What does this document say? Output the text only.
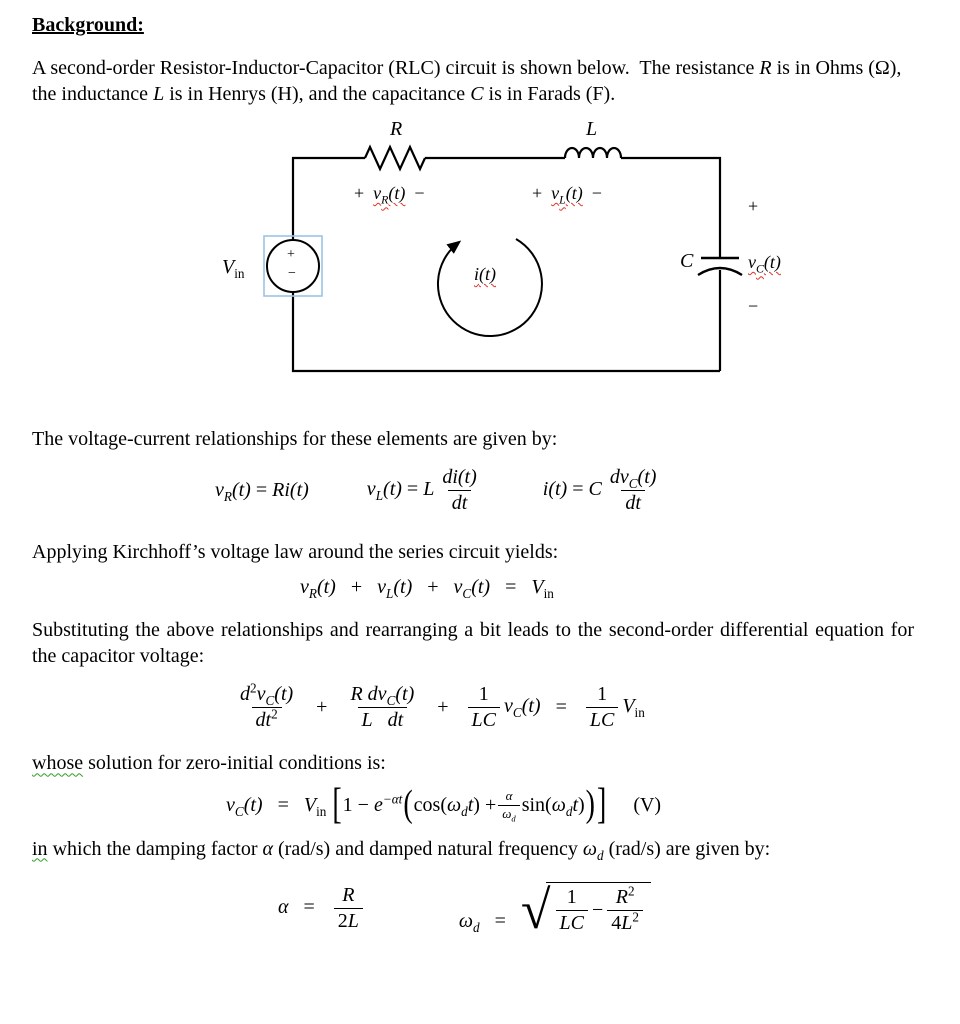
Background:

A second-order Resistor-Inductor-Capacitor (RLC) circuit is shown below.  The resistance R is in Ohms (Ω), the inductance L is in Henrys (H), and the capacitance C is in Farads (F).

R	L
+  $v_R(t)$  −	+  $v_L(t)$  −
+
C	$v_C(t)$
−
$V_{in}$
+
−	i(t)

The voltage-current relationships for these elements are given by:

$v_R(t) = Ri(t)$	$v_L(t) = L \frac{di(t)}{dt}$	i(t) = C $\frac{dv_C(t)}{dt}$

Applying Kirchhoff’s voltage law around the series circuit yields:

$v_R(t) + v_L(t) + v_C(t) = V_{in}$

Substituting the above relationships and rearranging a bit leads to the second-order differential equation for the capacitor voltage:

$\frac{d^2v_C(t)}{dt^2} + \frac{R dv_C(t)}{\text{L dt}} + \frac{1}{LC} v_C(t) = \frac{1}{LC} V_{in}$

whose solution for zero-initial conditions is:

$v_C(t) = V_{in}$ [ $1 - e^{-\alpha t}$ ( $\cos(\omega_dt) + \frac{\alpha}{\omega_d} \sin(\omega_dt)$ ) ] (V)

in which the damping factor α (rad/s) and damped natural frequency $\omega_d$ (rad/s) are given by:

$\alpha = \frac{R}{2L}$	$\omega_d$   = √ $\frac{1}{LC} - \frac{R^2}{4L^2}$
